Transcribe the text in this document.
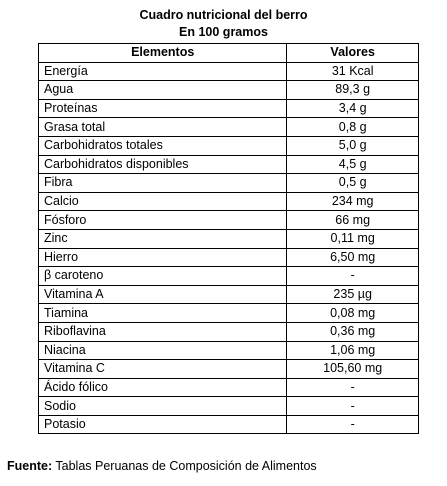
Cuadro nutricional del berro
En 100 gramos
Elementos	Valores
Energía	31 Kcal
Agua	89,3 g
Proteínas	3,4 g
Grasa total	0,8 g
Carbohidratos totales	5,0 g
Carbohidratos disponibles	4,5 g
Fibra	0,5 g
Calcio	234 mg
Fósforo	66 mg
Zinc	0,11 mg
Hierro	6,50 mg
β caroteno	-
Vitamina A	235 µg
Tiamina	0,08 mg
Riboflavina	0,36 mg
Niacina	1,06 mg
Vitamina C	105,60 mg
Ácido fólico	-
Sodio	-
Potasio	-
Fuente: Tablas Peruanas de Composición de Alimentos
